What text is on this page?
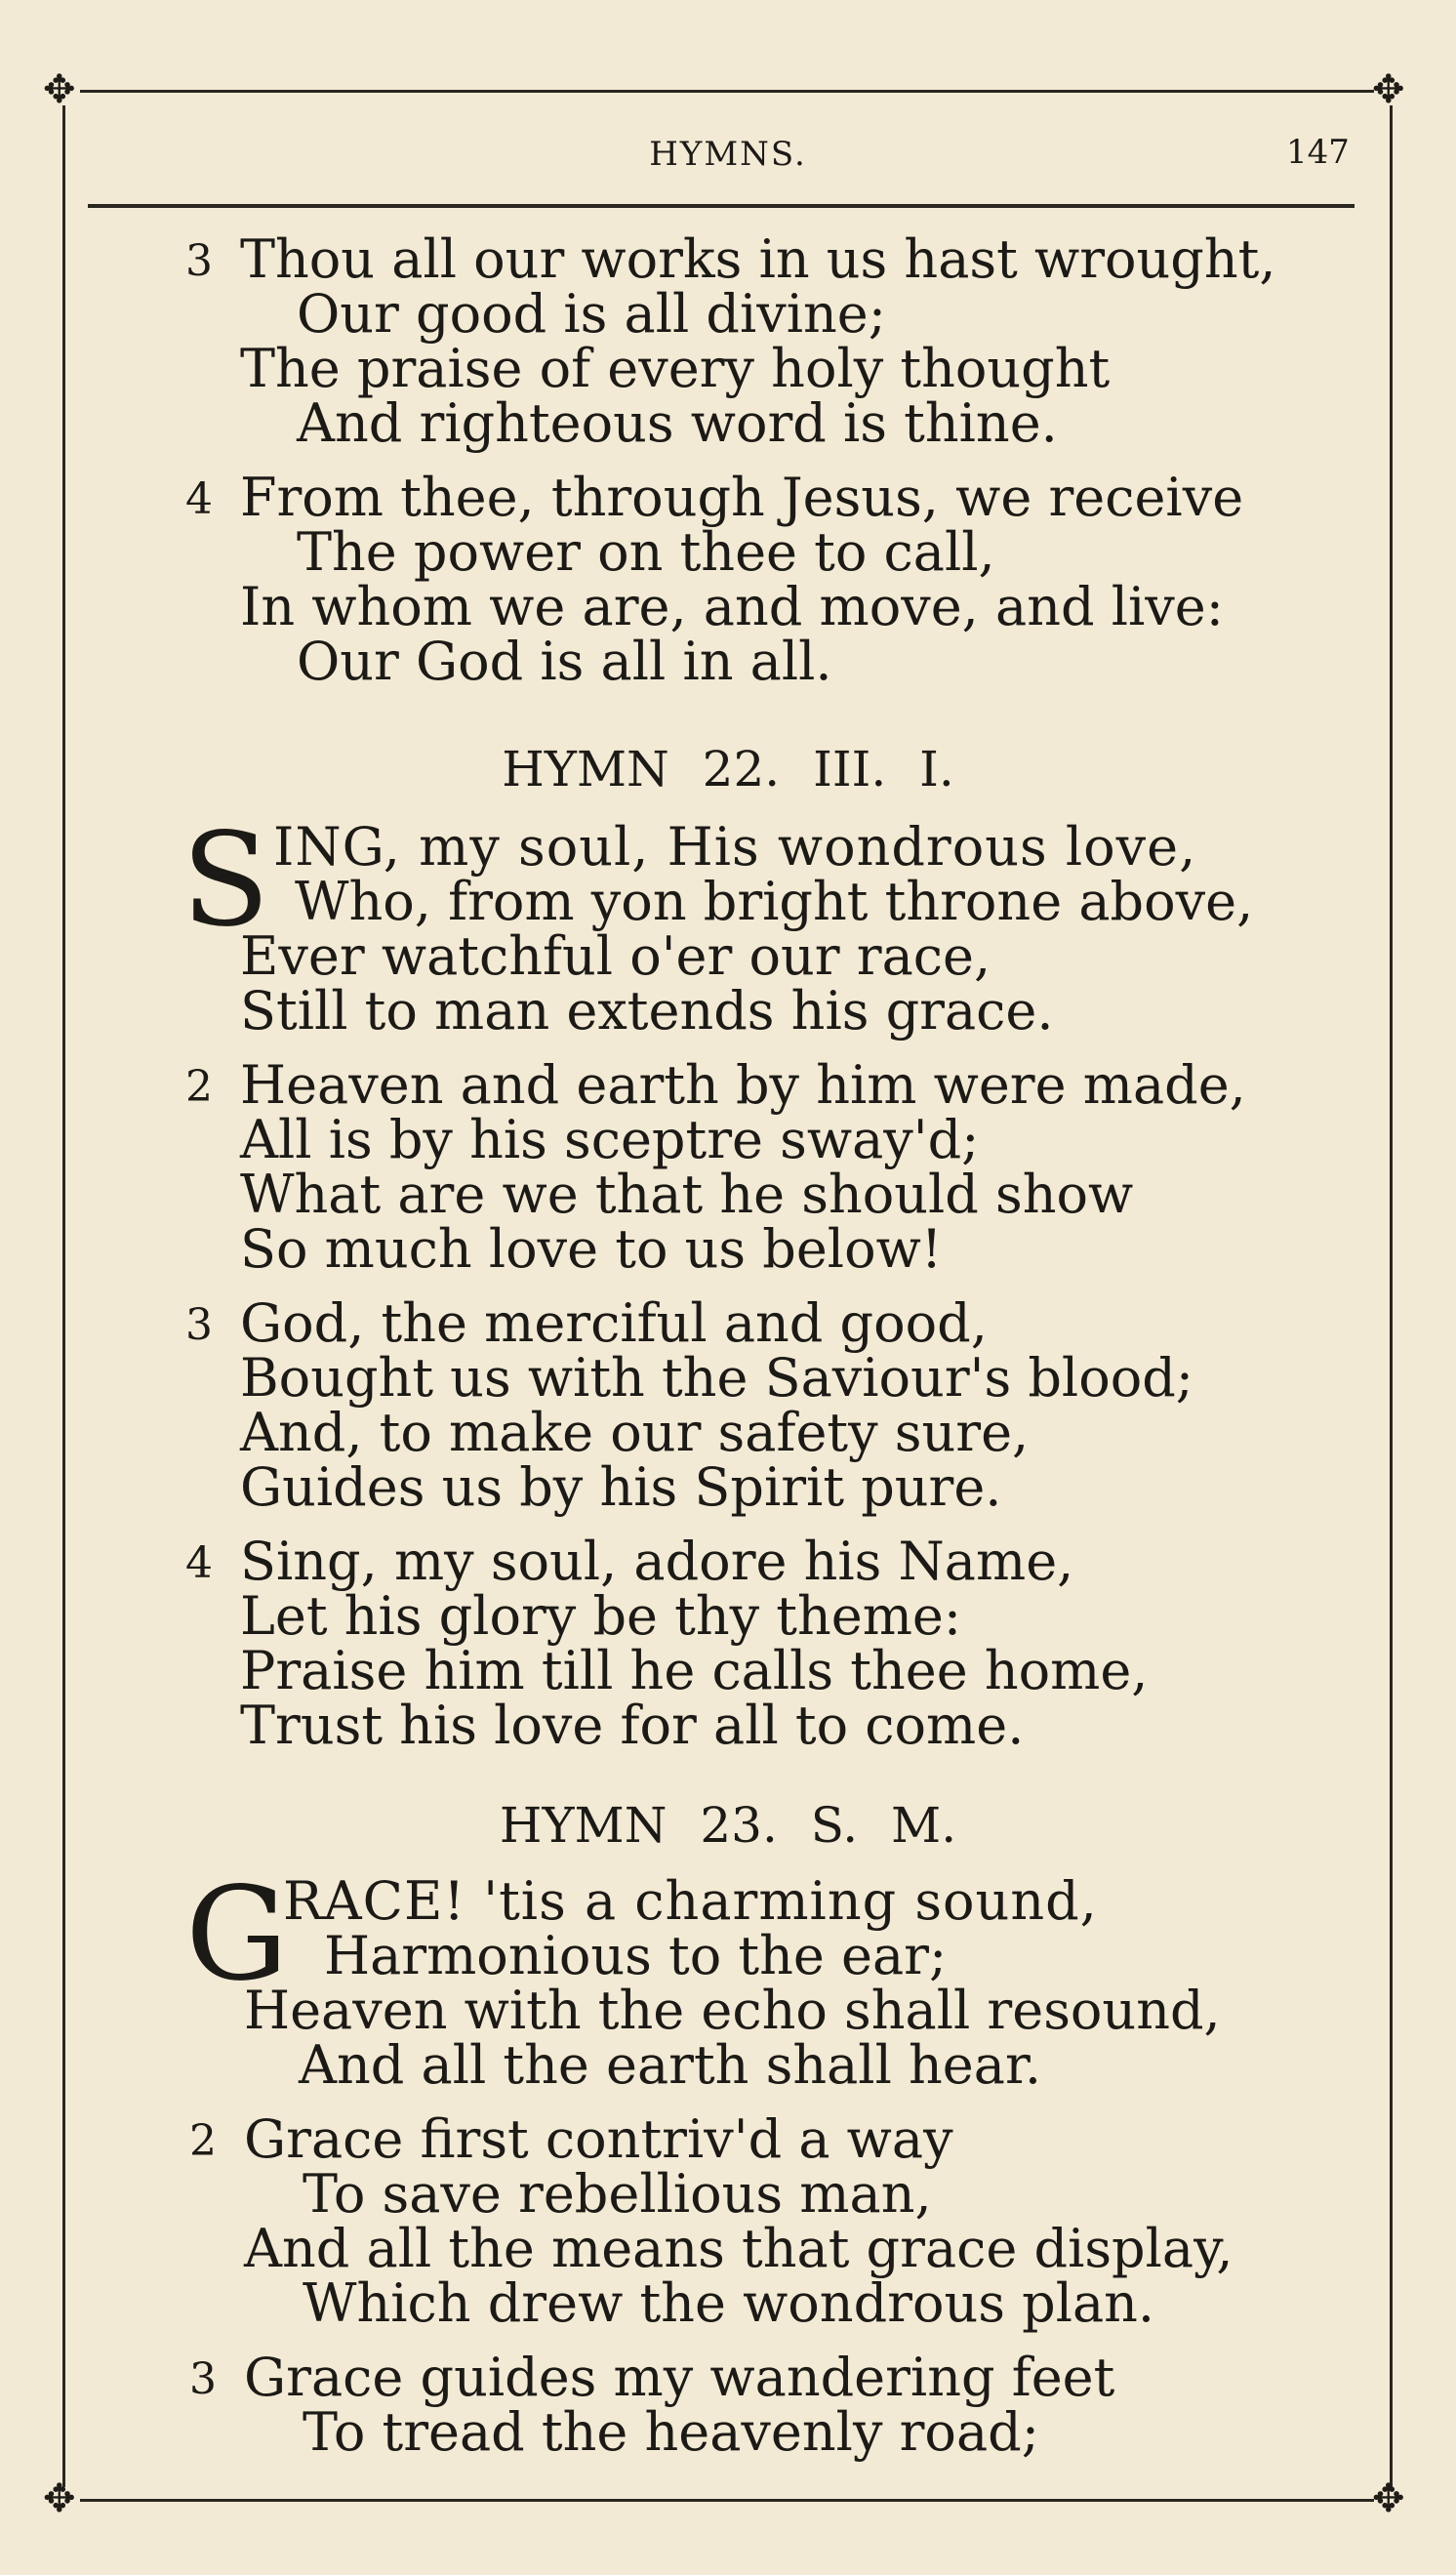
✥	✥
✥	✥
HYMNS.	147
3 Thou all our works in us hast wrought,
Our good is all divine;
The praise of every holy thought
And righteous word is thine.
4 From thee, through Jesus, we receive
The power on thee to call,
In whom we are, and move, and live:
Our God is all in all.
HYMN 22. III. I.
S ING, my soul, His wondrous love,
Who, from yon bright throne above,
Ever watchful o'er our race,
Still to man extends his grace.
2 Heaven and earth by him were made,
All is by his sceptre sway'd;
What are we that he should show
So much love to us below!
3 God, the merciful and good,
Bought us with the Saviour's blood;
And, to make our safety sure,
Guides us by his Spirit pure.
4 Sing, my soul, adore his Name,
Let his glory be thy theme:
Praise him till he calls thee home,
Trust his love for all to come.
HYMN 23. S. M.
G
RACE! 'tis a charming sound,
Harmonious to the ear;
Heaven with the echo shall resound,
And all the earth shall hear.
2 Grace first contriv'd a way
To save rebellious man,
And all the means that grace display,
Which drew the wondrous plan.
3 Grace guides my wandering feet
To tread the heavenly road;
